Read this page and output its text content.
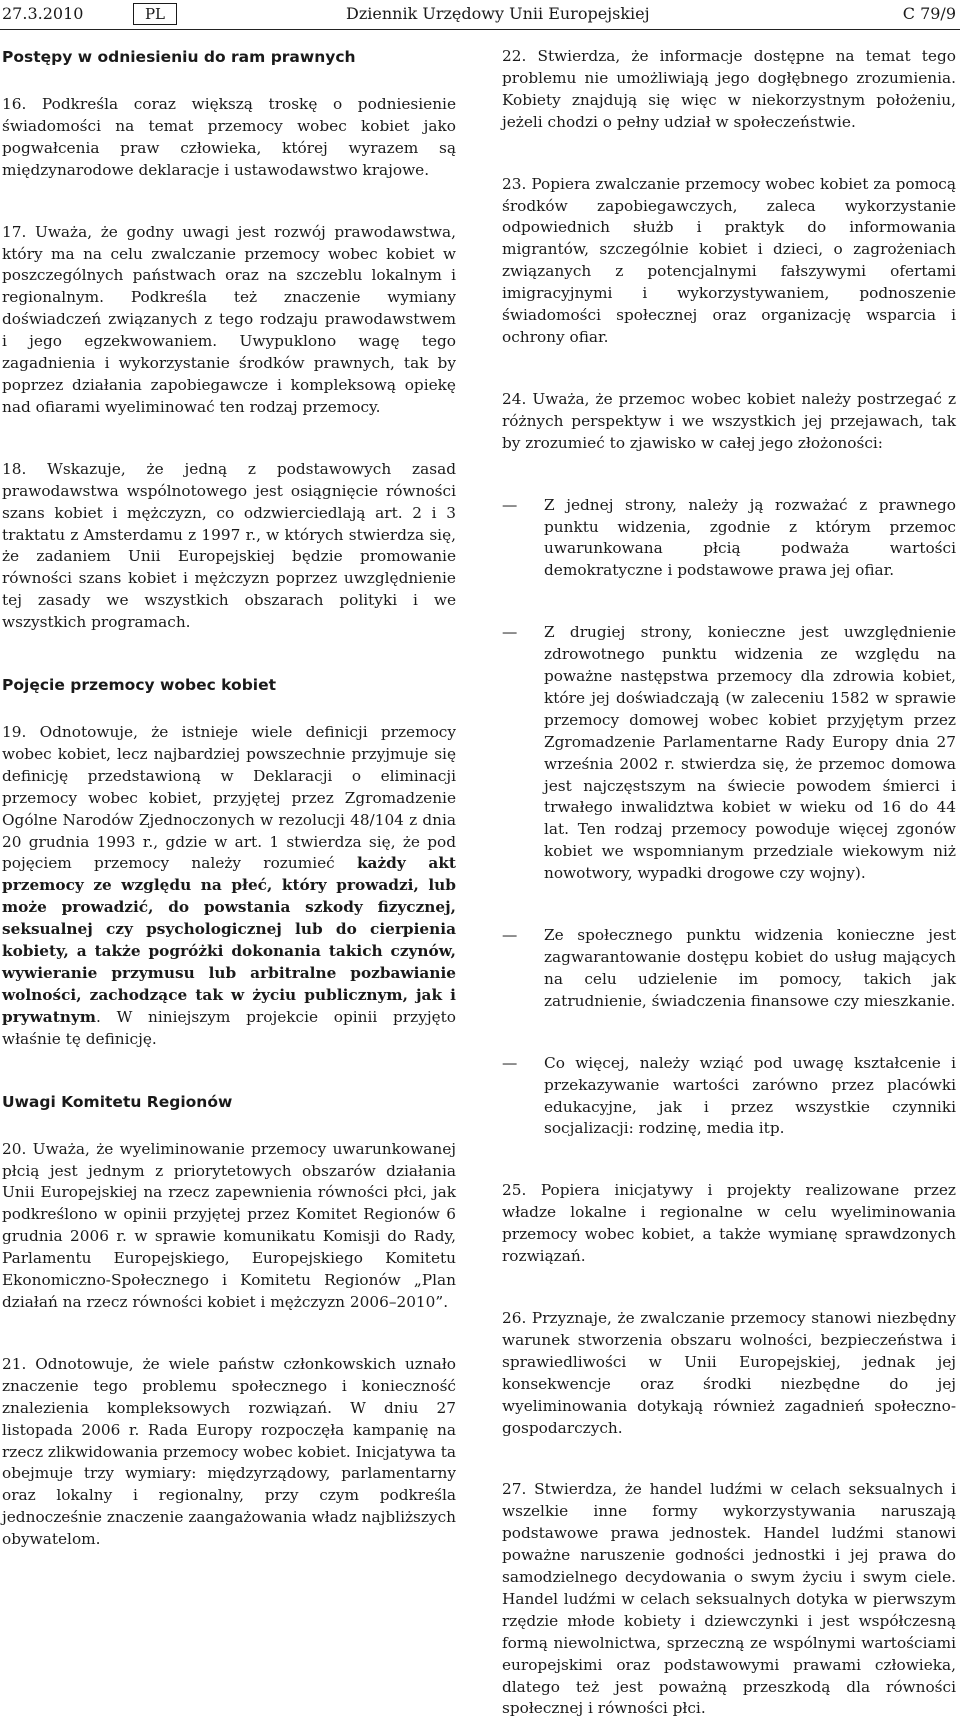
27.3.2010	PL	Dziennik Urzędowy Unii Europejskiej	C 79/9
Postępy w odniesieniu do ram prawnych

16. Podkreśla coraz większą troskę o podniesienie świadomości na temat przemocy wobec kobiet jako pogwałcenia praw człowieka, której wyrazem są międzynarodowe deklaracje i ustawodawstwo krajowe.

17. Uważa, że godny uwagi jest rozwój prawodawstwa, który ma na celu zwalczanie przemocy wobec kobiet w poszczególnych państwach oraz na szczeblu lokalnym i regionalnym. Podkreśla też znaczenie wymiany doświadczeń związanych z tego rodzaju prawodawstwem i jego egzekwowaniem. Uwypuklono wagę tego zagadnienia i wykorzystanie środków prawnych, tak by poprzez działania zapobiegawcze i kompleksową opiekę nad ofiarami wyeliminować ten rodzaj przemocy.

18. Wskazuje, że jedną z podstawowych zasad prawodawstwa wspólnotowego jest osiągnięcie równości szans kobiet i mężczyzn, co odzwierciedlają art. 2 i 3 traktatu z Amsterdamu z 1997 r., w których stwierdza się, że zadaniem Unii Europejskiej będzie promowanie równości szans kobiet i mężczyzn poprzez uwzględnienie tej zasady we wszystkich obszarach polityki i we wszystkich programach.

Pojęcie przemocy wobec kobiet

19. Odnotowuje, że istnieje wiele definicji przemocy wobec kobiet, lecz najbardziej powszechnie przyjmuje się definicję przedstawioną w Deklaracji o eliminacji przemocy wobec kobiet, przyjętej przez Zgromadzenie Ogólne Narodów Zjednoczonych w rezolucji 48/104 z dnia 20 grudnia 1993 r., gdzie w art. 1 stwierdza się, że pod pojęciem przemocy należy rozumieć każdy akt przemocy ze względu na płeć, który prowadzi, lub może prowadzić, do powstania szkody fizycznej, seksualnej czy psychologicznej lub do cierpienia kobiety, a także pogróżki dokonania takich czynów, wywieranie przymusu lub arbitralne pozbawianie wolności, zachodzące tak w życiu publicznym, jak i prywatnym. W niniejszym projekcie opinii przyjęto właśnie tę definicję.

Uwagi Komitetu Regionów

20. Uważa, że wyeliminowanie przemocy uwarunkowanej płcią jest jednym z priorytetowych obszarów działania Unii Europejskiej na rzecz zapewnienia równości płci, jak podkreślono w opinii przyjętej przez Komitet Regionów 6 grudnia 2006 r. w sprawie komunikatu Komisji do Rady, Parlamentu Europejskiego, Europejskiego Komitetu Ekonomiczno-Społecznego i Komitetu Regionów „Plan działań na rzecz równości kobiet i mężczyzn 2006–2010”.

21. Odnotowuje, że wiele państw członkowskich uznało znaczenie tego problemu społecznego i konieczność znalezienia kompleksowych rozwiązań. W dniu 27 listopada 2006 r. Rada Europy rozpoczęła kampanię na rzecz zlikwidowania przemocy wobec kobiet. Inicjatywa ta obejmuje trzy wymiary: międzyrządowy, parlamentarny oraz lokalny i regionalny, przy czym podkreśla jednocześnie znaczenie zaangażowania władz najbliższych obywatelom.

22. Stwierdza, że informacje dostępne na temat tego problemu nie umożliwiają jego dogłębnego zrozumienia. Kobiety znajdują się więc w niekorzystnym położeniu, jeżeli chodzi o pełny udział w społeczeństwie.

23. Popiera zwalczanie przemocy wobec kobiet za pomocą środków zapobiegawczych, zaleca wykorzystanie odpowiednich służb i praktyk do informowania migrantów, szczególnie kobiet i dzieci, o zagrożeniach związanych z potencjalnymi fałszywymi ofertami imigracyjnymi i wykorzystywaniem, podnoszenie świadomości społecznej oraz organizację wsparcia i ochrony ofiar.

24. Uważa, że przemoc wobec kobiet należy postrzegać z różnych perspektyw i we wszystkich jej przejawach, tak by zrozumieć to zjawisko w całej jego złożoności:

— Z jednej strony, należy ją rozważać z prawnego punktu widzenia, zgodnie z którym przemoc uwarunkowana płcią podważa wartości demokratyczne i podstawowe prawa jej ofiar.
— Z drugiej strony, konieczne jest uwzględnienie zdrowotnego punktu widzenia ze względu na poważne następstwa przemocy dla zdrowia kobiet, które jej doświadczają (w zaleceniu 1582 w sprawie przemocy domowej wobec kobiet przyjętym przez Zgromadzenie Parlamentarne Rady Europy dnia 27 września 2002 r. stwierdza się, że przemoc domowa jest najczęstszym na świecie powodem śmierci i trwałego inwalidztwa kobiet w wieku od 16 do 44 lat. Ten rodzaj przemocy powoduje więcej zgonów kobiet we wspomnianym przedziale wiekowym niż nowotwory, wypadki drogowe czy wojny).
— Ze społecznego punktu widzenia konieczne jest zagwarantowanie dostępu kobiet do usług mających na celu udzielenie im pomocy, takich jak zatrudnienie, świadczenia finansowe czy mieszkanie.
— Co więcej, należy wziąć pod uwagę kształcenie i przekazywanie wartości zarówno przez placówki edukacyjne, jak i przez wszystkie czynniki socjalizacji: rodzinę, media itp.

25. Popiera inicjatywy i projekty realizowane przez władze lokalne i regionalne w celu wyeliminowania przemocy wobec kobiet, a także wymianę sprawdzonych rozwiązań.

26. Przyznaje, że zwalczanie przemocy stanowi niezbędny warunek stworzenia obszaru wolności, bezpieczeństwa i sprawiedliwości w Unii Europejskiej, jednak jej konsekwencje oraz środki niezbędne do jej wyeliminowania dotykają również zagadnień społeczno-gospodarczych.

27. Stwierdza, że handel ludźmi w celach seksualnych i wszelkie inne formy wykorzystywania naruszają podstawowe prawa jednostek. Handel ludźmi stanowi poważne naruszenie godności jednostki i jej prawa do samodzielnego decydowania o swym życiu i swym ciele. Handel ludźmi w celach seksualnych dotyka w pierwszym rzędzie młode kobiety i dziewczynki i jest współczesną formą niewolnictwa, sprzeczną ze wspólnymi wartościami europejskimi oraz podstawowymi prawami człowieka, dlatego też jest poważną przeszkodą dla równości społecznej i równości płci.
